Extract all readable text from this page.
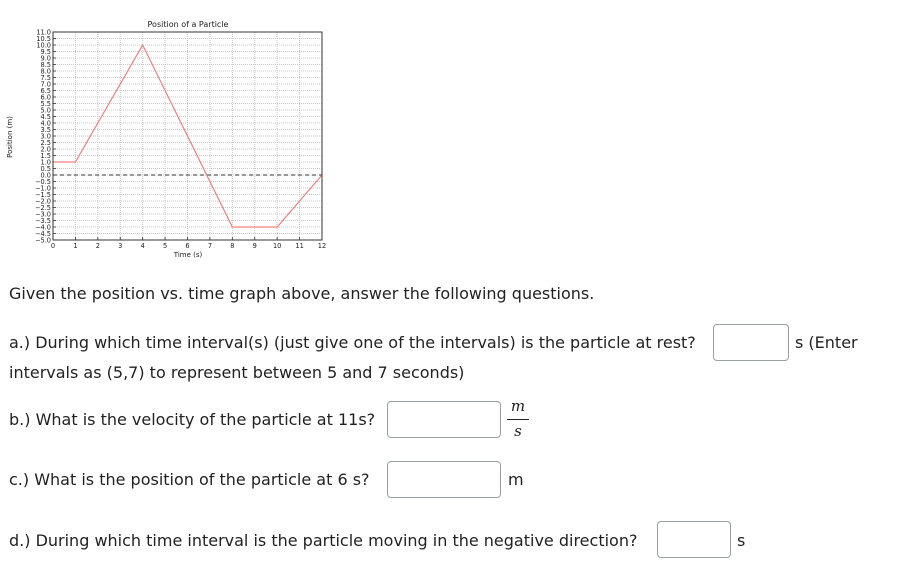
11.0
10.5
10.0
9.5
9.0
8.5
8.0
7.5
7.0
6.5
6.0
5.5
5.0
4.5
4.0
3.5
3.0
2.5
2.0
1.5
1.0
0.5
0.0
−0.5
−1.0
−1.5
−2.0
−2.5
−3.0
−3.5
−4.0
−4.5
−5.0
0	1	2	3	4	5	6	7	8	9 10 11 12
Position of a Particle
Time (s)
Position (m)
Given the position vs. time graph above, answer the following questions.
a.) During which time interval(s) (just give one of the intervals) is the particle at rest?	s (Enter
intervals as (5,7) to represent between 5 and 7 seconds)
b.) What is the velocity of the particle at 11s?
m
s
c.) What is the position of the particle at 6 s?	m
d.) During which time interval is the particle moving in the negative direction?	s
